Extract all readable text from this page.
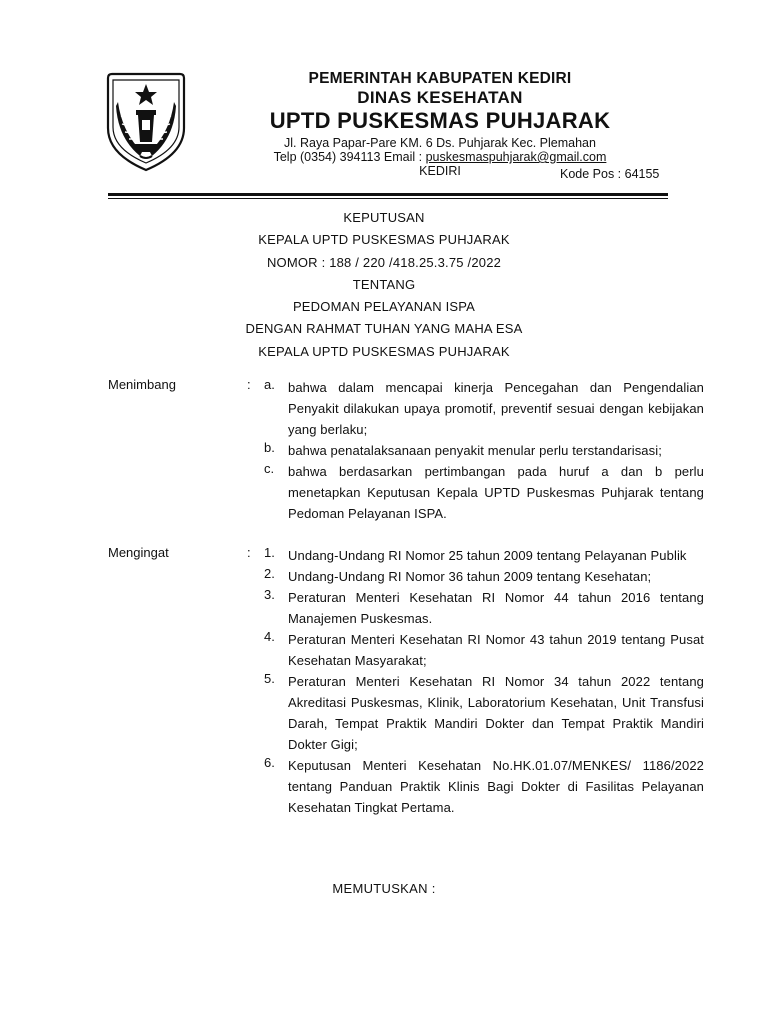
PEMERINTAH KABUPATEN KEDIRI
DINAS KESEHATAN
UPTD PUSKESMAS PUHJARAK
Jl. Raya Papar-Pare KM. 6 Ds. Puhjarak Kec. Plemahan
Telp (0354) 394113 Email : puskesmaspuhjarak@gmail.com
KEDIRI	Kode Pos : 64155
KEPUTUSAN
KEPALA UPTD PUSKESMAS PUHJARAK
NOMOR : 188 / 220 /418.25.3.75 /2022
TENTANG
PEDOMAN PELAYANAN ISPA
DENGAN RAHMAT TUHAN YANG MAHA ESA
KEPALA UPTD PUSKESMAS PUHJARAK
Menimbang	: a.	bahwa dalam mencapai kinerja Pencegahan dan Pengendalian Penyakit dilakukan upaya promotif, preventif sesuai dengan kebijakan yang berlaku;
b.	bahwa penatalaksanaan penyakit menular perlu terstandarisasi;
c.	bahwa berdasarkan pertimbangan pada huruf a dan b perlu menetapkan Keputusan Kepala UPTD Puskesmas Puhjarak tentang Pedoman Pelayanan ISPA.
Mengingat	: 1.	Undang-Undang RI Nomor 25 tahun 2009 tentang Pelayanan Publik
2.	Undang-Undang RI Nomor 36 tahun 2009 tentang Kesehatan;
3.	Peraturan Menteri Kesehatan RI Nomor 44 tahun 2016 tentang Manajemen Puskesmas.
4.	Peraturan Menteri Kesehatan RI Nomor 43 tahun 2019 tentang Pusat Kesehatan Masyarakat;
5.	Peraturan Menteri Kesehatan RI Nomor 34 tahun 2022 tentang Akreditasi Puskesmas, Klinik, Laboratorium Kesehatan, Unit Transfusi Darah, Tempat Praktik Mandiri Dokter dan Tempat Praktik Mandiri Dokter Gigi;
6.	Keputusan Menteri Kesehatan No.HK.01.07/MENKES/ 1186/2022 tentang Panduan Praktik Klinis Bagi Dokter di Fasilitas Pelayanan Kesehatan Tingkat Pertama.
MEMUTUSKAN :
